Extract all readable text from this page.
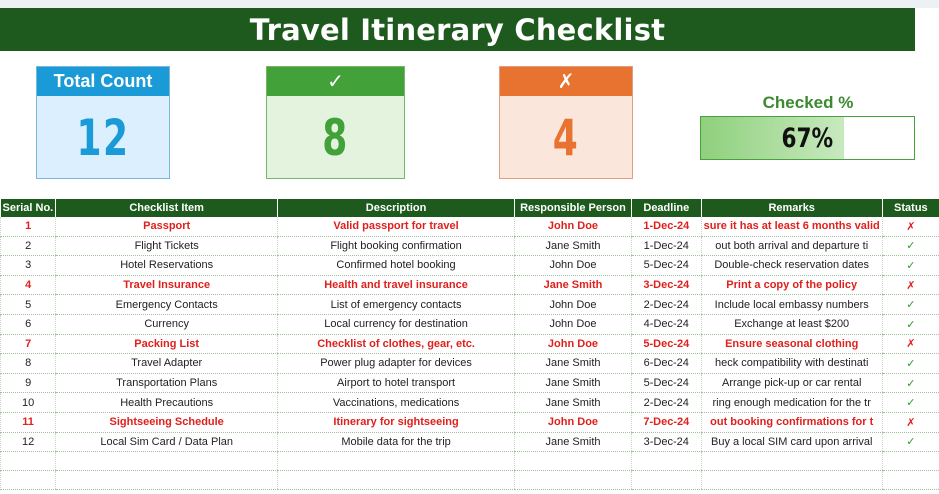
Travel Itinerary Checklist
Total Count
12
✓
8
✗
4
Checked %
67%
Serial No.	Checklist Item	Description	Responsible Person	Deadline	Remarks	Status
1	Passport	Valid passport for travel	John Doe	1-Dec-24	sure it has at least 6 months valid	✗
2	Flight Tickets	Flight booking confirmation	Jane Smith	1-Dec-24	out both arrival and departure ti	✓
3	Hotel Reservations	Confirmed hotel booking	John Doe	5-Dec-24	Double-check reservation dates	✓
4	Travel Insurance	Health and travel insurance	Jane Smith	3-Dec-24	Print a copy of the policy	✗
5	Emergency Contacts	List of emergency contacts	John Doe	2-Dec-24	Include local embassy numbers	✓
6	Currency	Local currency for destination	John Doe	4-Dec-24	Exchange at least $200	✓
7	Packing List	Checklist of clothes, gear, etc.	John Doe	5-Dec-24	Ensure seasonal clothing	✗
8	Travel Adapter	Power plug adapter for devices	Jane Smith	6-Dec-24	heck compatibility with destinati	✓
9	Transportation Plans	Airport to hotel transport	Jane Smith	5-Dec-24	Arrange pick-up or car rental	✓
10	Health Precautions	Vaccinations, medications	Jane Smith	2-Dec-24	ring enough medication for the tr	✓
11	Sightseeing Schedule	Itinerary for sightseeing	John Doe	7-Dec-24	out booking confirmations for t	✗
12	Local Sim Card / Data Plan	Mobile data for the trip	Jane Smith	3-Dec-24	Buy a local SIM card upon arrival	✓
